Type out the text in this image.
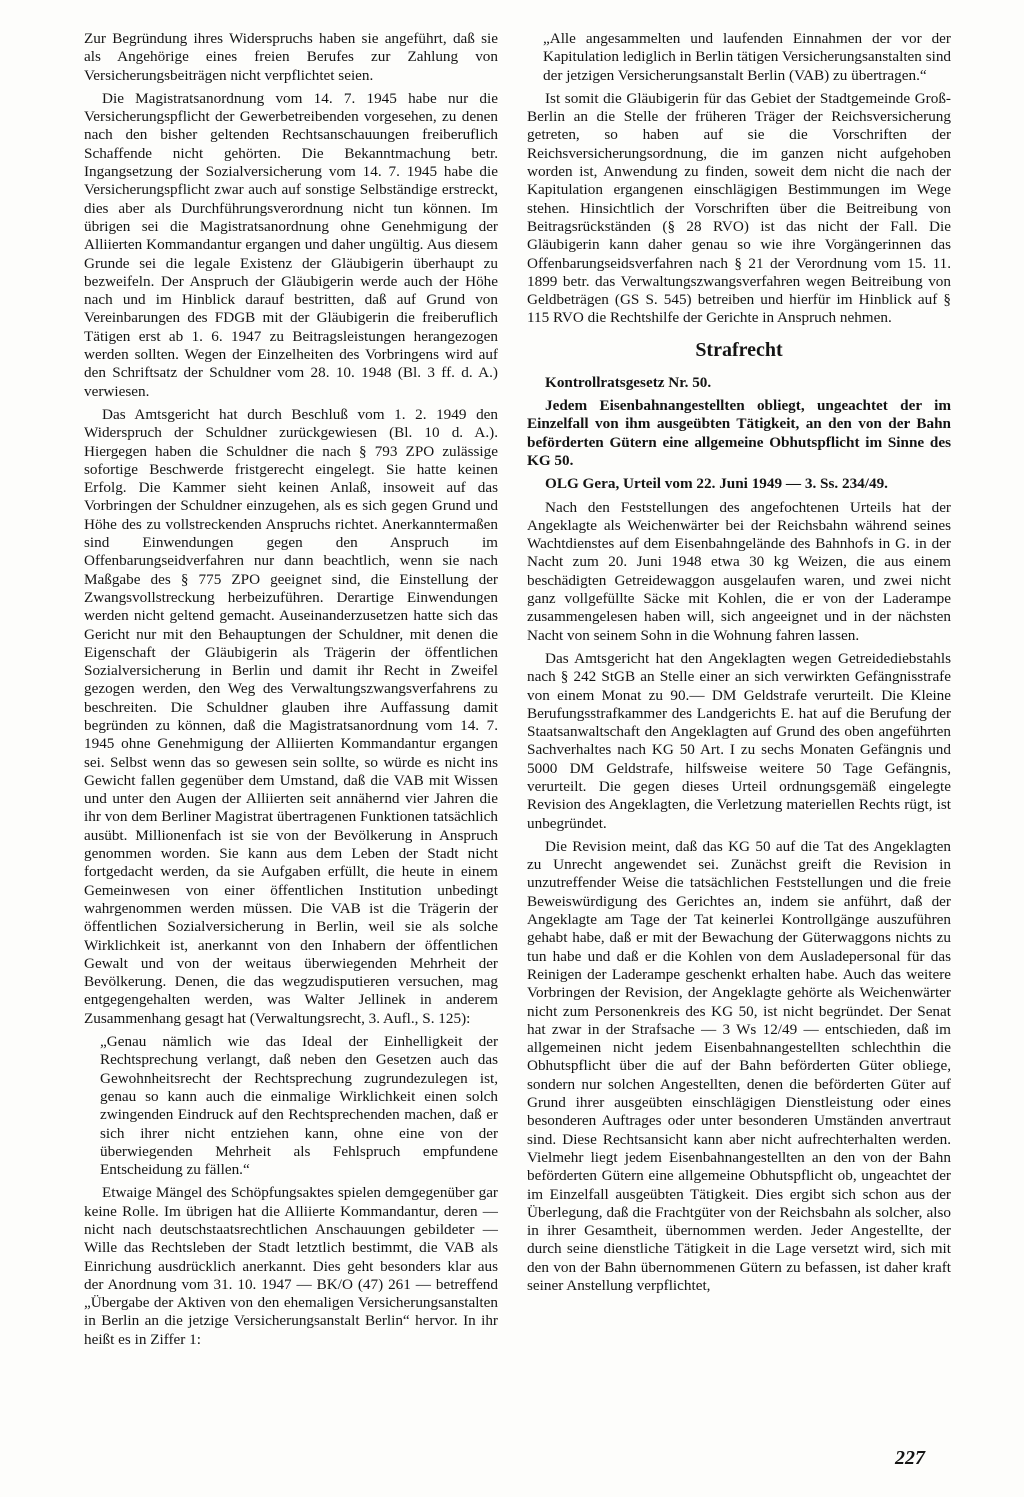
Zur Begründung ihres Widerspruchs haben sie angeführt, daß sie als Angehörige eines freien Berufes zur Zahlung von Versicherungsbeiträgen nicht verpflichtet seien.

Die Magistratsanordnung vom 14. 7. 1945 habe nur die Versicherungspflicht der Gewerbetreibenden vorgesehen, zu denen nach den bisher geltenden Rechtsanschauungen freiberuflich Schaffende nicht gehörten. Die Bekanntmachung betr. Ingangsetzung der Sozialversicherung vom 14. 7. 1945 habe die Versicherungspflicht zwar auch auf sonstige Selbständige erstreckt, dies aber als Durchführungsverordnung nicht tun können. Im übrigen sei die Magistratsanordnung ohne Genehmigung der Alliierten Kommandantur ergangen und daher ungültig. Aus diesem Grunde sei die legale Existenz der Gläubigerin überhaupt zu bezweifeln. Der Anspruch der Gläubigerin werde auch der Höhe nach und im Hinblick darauf bestritten, daß auf Grund von Vereinbarungen des FDGB mit der Gläubigerin die freiberuflich Tätigen erst ab 1. 6. 1947 zu Beitragsleistungen herangezogen werden sollten. Wegen der Einzelheiten des Vorbringens wird auf den Schriftsatz der Schuldner vom 28. 10. 1948 (Bl. 3 ff. d. A.) verwiesen.

Das Amtsgericht hat durch Beschluß vom 1. 2. 1949 den Widerspruch der Schuldner zurückgewiesen (Bl. 10 d. A.). Hiergegen haben die Schuldner die nach § 793 ZPO zulässige sofortige Beschwerde fristgerecht eingelegt. Sie hatte keinen Erfolg. Die Kammer sieht keinen Anlaß, insoweit auf das Vorbringen der Schuldner einzugehen, als es sich gegen Grund und Höhe des zu vollstreckenden Anspruchs richtet. Anerkanntermaßen sind Einwendungen gegen den Anspruch im Offenbarungseidverfahren nur dann beachtlich, wenn sie nach Maßgabe des § 775 ZPO geeignet sind, die Einstellung der Zwangsvollstreckung herbeizuführen. Derartige Einwendungen werden nicht geltend gemacht. Auseinanderzusetzen hatte sich das Gericht nur mit den Behauptungen der Schuldner, mit denen die Eigenschaft der Gläubigerin als Trägerin der öffentlichen Sozialversicherung in Berlin und damit ihr Recht in Zweifel gezogen werden, den Weg des Verwaltungszwangsverfahrens zu beschreiten. Die Schuldner glauben ihre Auffassung damit begründen zu können, daß die Magistratsanordnung vom 14. 7. 1945 ohne Genehmigung der Alliierten Kommandantur ergangen sei. Selbst wenn das so gewesen sein sollte, so würde es nicht ins Gewicht fallen gegenüber dem Umstand, daß die VAB mit Wissen und unter den Augen der Alliierten seit annähernd vier Jahren die ihr von dem Berliner Magistrat übertragenen Funktionen tatsächlich ausübt. Millionenfach ist sie von der Bevölkerung in Anspruch genommen worden. Sie kann aus dem Leben der Stadt nicht fortgedacht werden, da sie Aufgaben erfüllt, die heute in einem Gemeinwesen von einer öffentlichen Institution unbedingt wahrgenommen werden müssen. Die VAB ist die Trägerin der öffentlichen Sozialversicherung in Berlin, weil sie als solche Wirklichkeit ist, anerkannt von den Inhabern der öffentlichen Gewalt und von der weitaus überwiegenden Mehrheit der Bevölkerung. Denen, die das wegzudisputieren versuchen, mag entgegengehalten werden, was Walter Jellinek in anderem Zusammenhang gesagt hat (Verwaltungsrecht, 3. Aufl., S. 125):

„Genau nämlich wie das Ideal der Einhelligkeit der Rechtsprechung verlangt, daß neben den Gesetzen auch das Gewohnheitsrecht der Rechtsprechung zugrundezulegen ist, genau so kann auch die einmalige Wirklichkeit einen solch zwingenden Eindruck auf den Rechtsprechenden machen, daß er sich ihrer nicht entziehen kann, ohne eine von der überwiegenden Mehrheit als Fehlspruch empfundene Entscheidung zu fällen.“

Etwaige Mängel des Schöpfungsaktes spielen demgegenüber gar keine Rolle. Im übrigen hat die Alliierte Kommandantur, deren — nicht nach deutschstaatsrechtlichen Anschauungen gebildeter — Wille das Rechtsleben der Stadt letztlich bestimmt, die VAB als Einrichung ausdrücklich anerkannt. Dies geht besonders klar aus der Anordnung vom 31. 10. 1947 — BK/O (47) 261 — betreffend „Übergabe der Aktiven von den ehemaligen Versicherungsanstalten in Berlin an die jetzige Versicherungsanstalt Berlin“ hervor. In ihr heißt es in Ziffer 1:

„Alle angesammelten und laufenden Einnahmen der vor der Kapitulation lediglich in Berlin tätigen Versicherungsanstalten sind der jetzigen Versicherungsanstalt Berlin (VAB) zu übertragen.“

Ist somit die Gläubigerin für das Gebiet der Stadtgemeinde Groß-Berlin an die Stelle der früheren Träger der Reichsversicherung getreten, so haben auf sie die Vorschriften der Reichsversicherungsordnung, die im ganzen nicht aufgehoben worden ist, Anwendung zu finden, soweit dem nicht die nach der Kapitulation ergangenen einschlägigen Bestimmungen im Wege stehen. Hinsichtlich der Vorschriften über die Beitreibung von Beitragsrückständen (§ 28 RVO) ist das nicht der Fall. Die Gläubigerin kann daher genau so wie ihre Vorgängerinnen das Offenbarungseidsverfahren nach § 21 der Verordnung vom 15. 11. 1899 betr. das Verwaltungszwangsverfahren wegen Beitreibung von Geldbeträgen (GS S. 545) betreiben und hierfür im Hinblick auf § 115 RVO die Rechtshilfe der Gerichte in Anspruch nehmen.

Strafrecht

Kontrollratsgesetz Nr. 50.

Jedem Eisenbahnangestellten obliegt, ungeachtet der im Einzelfall von ihm ausgeübten Tätigkeit, an den von der Bahn beförderten Gütern eine allgemeine Obhutspflicht im Sinne des KG 50.

OLG Gera, Urteil vom 22. Juni 1949 — 3. Ss. 234/49.

Nach den Feststellungen des angefochtenen Urteils hat der Angeklagte als Weichenwärter bei der Reichsbahn während seines Wachtdienstes auf dem Eisenbahngelände des Bahnhofs in G. in der Nacht zum 20. Juni 1948 etwa 30 kg Weizen, die aus einem beschädigten Getreidewaggon ausgelaufen waren, und zwei nicht ganz vollgefüllte Säcke mit Kohlen, die er von der Laderampe zusammengelesen haben will, sich angeeignet und in der nächsten Nacht von seinem Sohn in die Wohnung fahren lassen.

Das Amtsgericht hat den Angeklagten wegen Getreidediebstahls nach § 242 StGB an Stelle einer an sich verwirkten Gefängnisstrafe von einem Monat zu 90.— DM Geldstrafe verurteilt. Die Kleine Berufungsstrafkammer des Landgerichts E. hat auf die Berufung der Staatsanwaltschaft den Angeklagten auf Grund des oben angeführten Sachverhaltes nach KG 50 Art. I zu sechs Monaten Gefängnis und 5000 DM Geldstrafe, hilfsweise weitere 50 Tage Gefängnis, verurteilt. Die gegen dieses Urteil ordnungsgemäß eingelegte Revision des Angeklagten, die Verletzung materiellen Rechts rügt, ist unbegründet.

Die Revision meint, daß das KG 50 auf die Tat des Angeklagten zu Unrecht angewendet sei. Zunächst greift die Revision in unzutreffender Weise die tatsächlichen Feststellungen und die freie Beweiswürdigung des Gerichtes an, indem sie anführt, daß der Angeklagte am Tage der Tat keinerlei Kontrollgänge auszuführen gehabt habe, daß er mit der Bewachung der Güterwaggons nichts zu tun habe und daß er die Kohlen von dem Ausladepersonal für das Reinigen der Laderampe geschenkt erhalten habe. Auch das weitere Vorbringen der Revision, der Angeklagte gehörte als Weichenwärter nicht zum Personenkreis des KG 50, ist nicht begründet. Der Senat hat zwar in der Strafsache — 3 Ws 12/49 — entschieden, daß im allgemeinen nicht jedem Eisenbahnangestellten schlechthin die Obhutspflicht über die auf der Bahn beförderten Güter obliege, sondern nur solchen Angestellten, denen die beförderten Güter auf Grund ihrer ausgeübten einschlägigen Dienstleistung oder eines besonderen Auftrages oder unter besonderen Umständen anvertraut sind. Diese Rechtsansicht kann aber nicht aufrechterhalten werden. Vielmehr liegt jedem Eisenbahnangestellten an den von der Bahn beförderten Gütern eine allgemeine Obhutspflicht ob, ungeachtet der im Einzelfall ausgeübten Tätigkeit. Dies ergibt sich schon aus der Überlegung, daß die Frachtgüter von der Reichsbahn als solcher, also in ihrer Gesamtheit, übernommen werden. Jeder Angestellte, der durch seine dienstliche Tätigkeit in die Lage versetzt wird, sich mit den von der Bahn übernommenen Gütern zu befassen, ist daher kraft seiner Anstellung verpflichtet,

227
